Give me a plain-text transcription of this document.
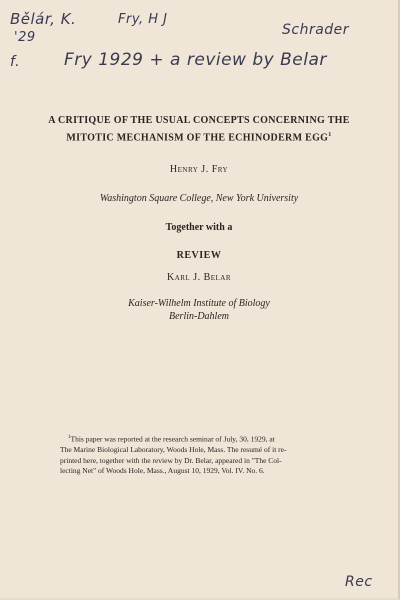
Bělár, K.	Fry, H J
Schrader
'29
f.	Fry 1929 + a review by Belar
A CRITIQUE OF THE USUAL CONCEPTS CONCERNING THE
MITOTIC MECHANISM OF THE ECHINODERM EGG$^1$
Henry J. Fry
Washington Square College, New York University
Together with a
REVIEW
Karl J. Belar
Kaiser-Wilhelm Institute of Biology
Berlin-Dahlem
$^1$This paper was reported at the research seminar of July, 30, 1929, at
The Marine Biological Laboratory, Woods Hole, Mass. The resumé of it re-
printed here, together with the review by Dr. Belar, appeared in "The Col-
lecting Net" of Woods Hole, Mass., August 10, 1929, Vol. IV. No. 6.
Rec
